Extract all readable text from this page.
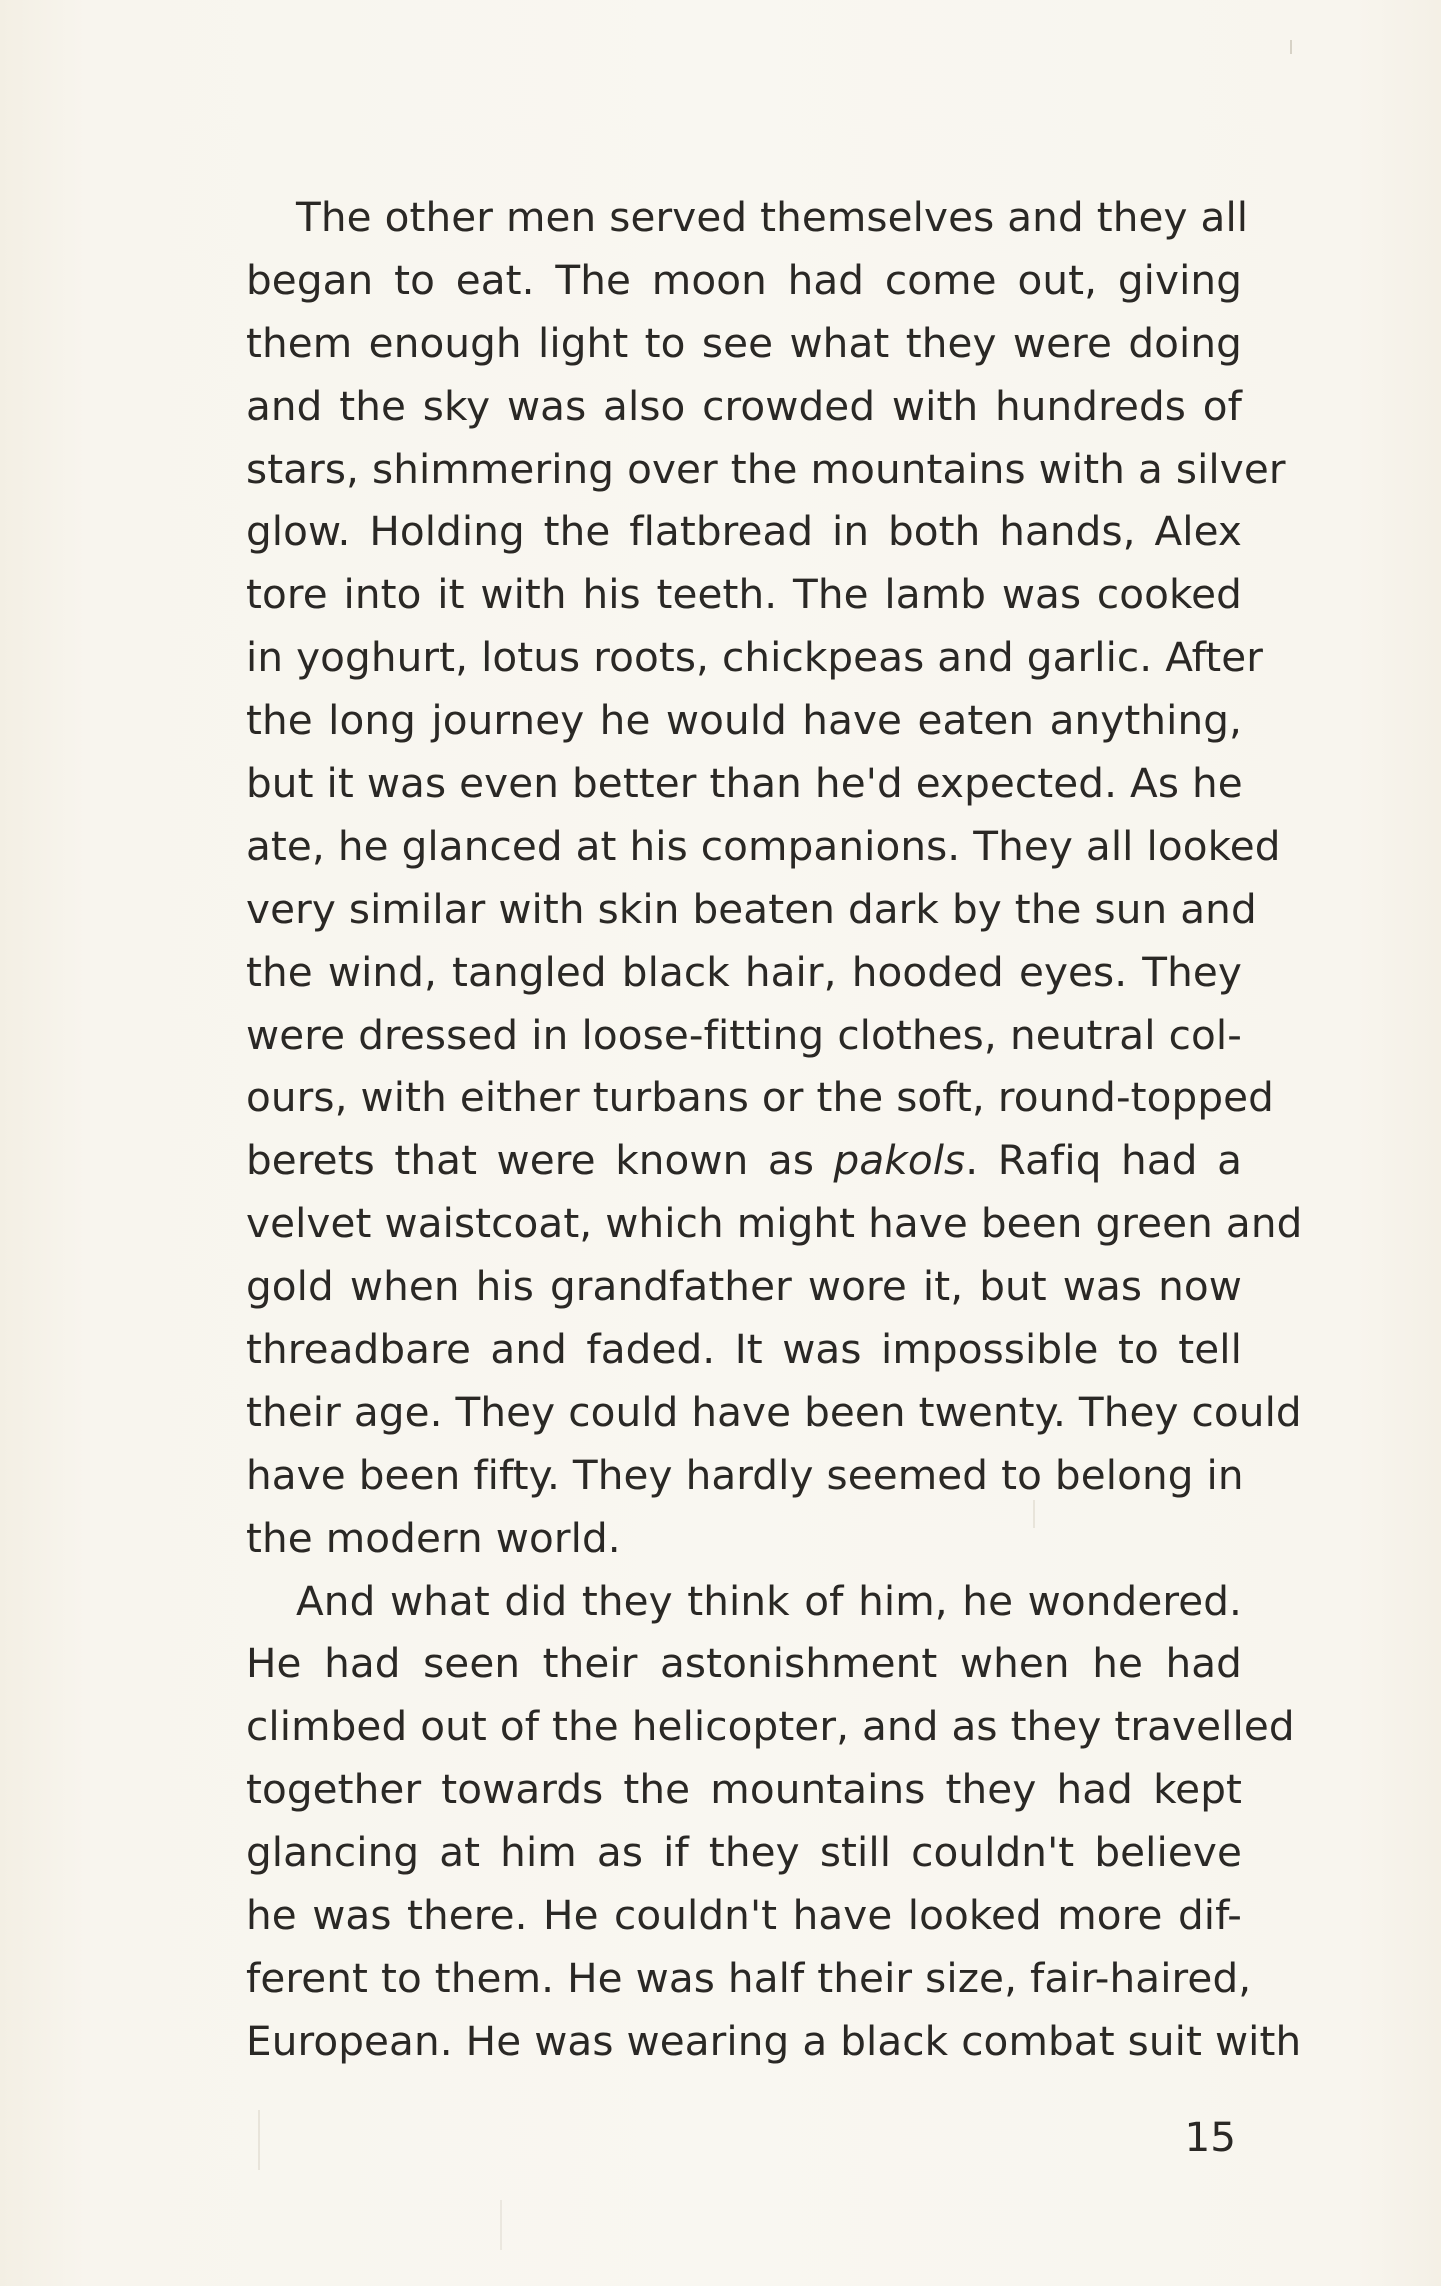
The other men served themselves and they all
began to eat. The moon had come out, giving
them enough light to see what they were doing
and the sky was also crowded with hundreds of
stars, shimmering over the mountains with a silver
glow. Holding the flatbread in both hands, Alex
tore into it with his teeth. The lamb was cooked
in yoghurt, lotus roots, chickpeas and garlic. After
the long journey he would have eaten anything,
but it was even better than he'd expected. As he
ate, he glanced at his companions. They all looked
very similar with skin beaten dark by the sun and
the wind, tangled black hair, hooded eyes. They
were dressed in loose-fitting clothes, neutral col-
ours, with either turbans or the soft, round-topped
berets that were known as pakols. Rafiq had a
velvet waistcoat, which might have been green and
gold when his grandfather wore it, but was now
threadbare and faded. It was impossible to tell
their age. They could have been twenty. They could
have been fifty. They hardly seemed to belong in
the modern world.
And what did they think of him, he wondered.
He had seen their astonishment when he had
climbed out of the helicopter, and as they travelled
together towards the mountains they had kept
glancing at him as if they still couldn't believe
he was there. He couldn't have looked more dif-
ferent to them. He was half their size, fair-haired,
European. He was wearing a black combat suit with
15
